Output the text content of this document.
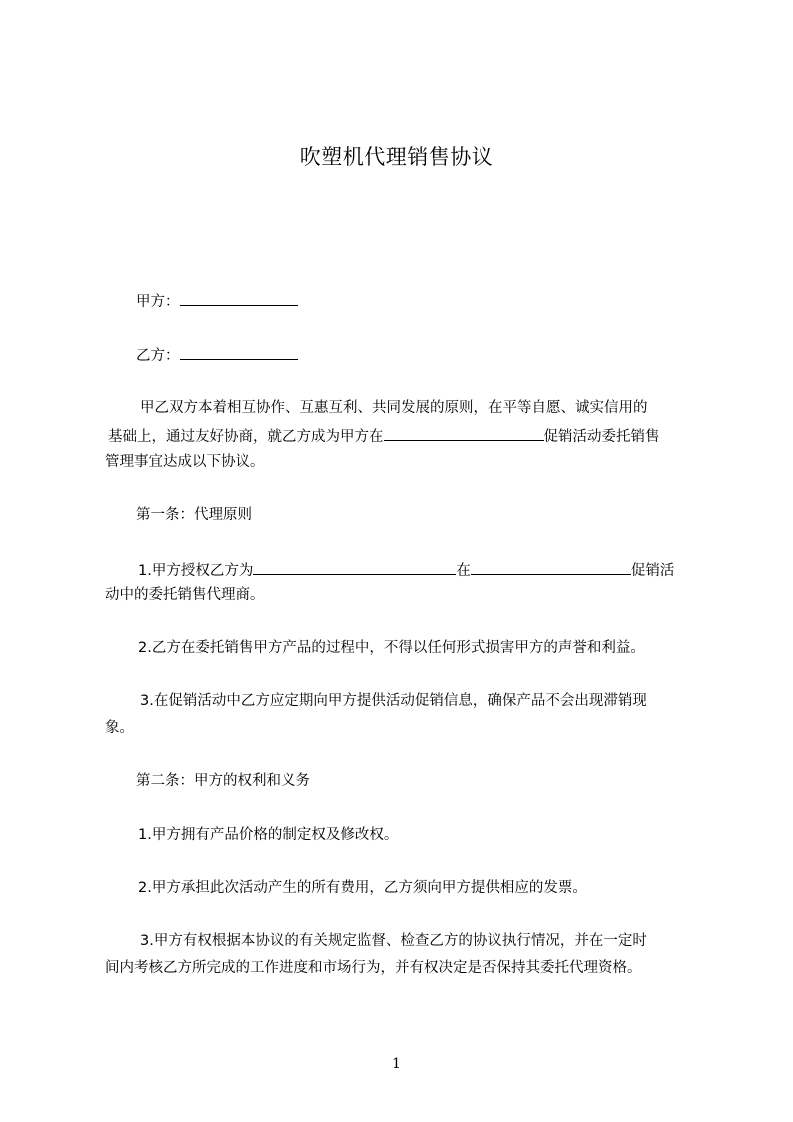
吹塑机代理销售协议
甲方：
乙方：
甲乙双方本着相互协作、互惠互利、共同发展的原则，在平等自愿、诚实信用的
基础上，通过友好协商，就乙方成为甲方在	促销活动委托销售
管理事宜达成以下协议。
第一条：代理原则
1.甲方授权乙方为	在	促销活
动中的委托销售代理商。
2.乙方在委托销售甲方产品的过程中，不得以任何形式损害甲方的声誉和利益。
3.在促销活动中乙方应定期向甲方提供活动促销信息，确保产品不会出现滞销现
象。
第二条：甲方的权利和义务
1.甲方拥有产品价格的制定权及修改权。
2.甲方承担此次活动产生的所有费用，乙方须向甲方提供相应的发票。
3.甲方有权根据本协议的有关规定监督、检查乙方的协议执行情况，并在一定时
间内考核乙方所完成的工作进度和市场行为，并有权决定是否保持其委托代理资格。
1
